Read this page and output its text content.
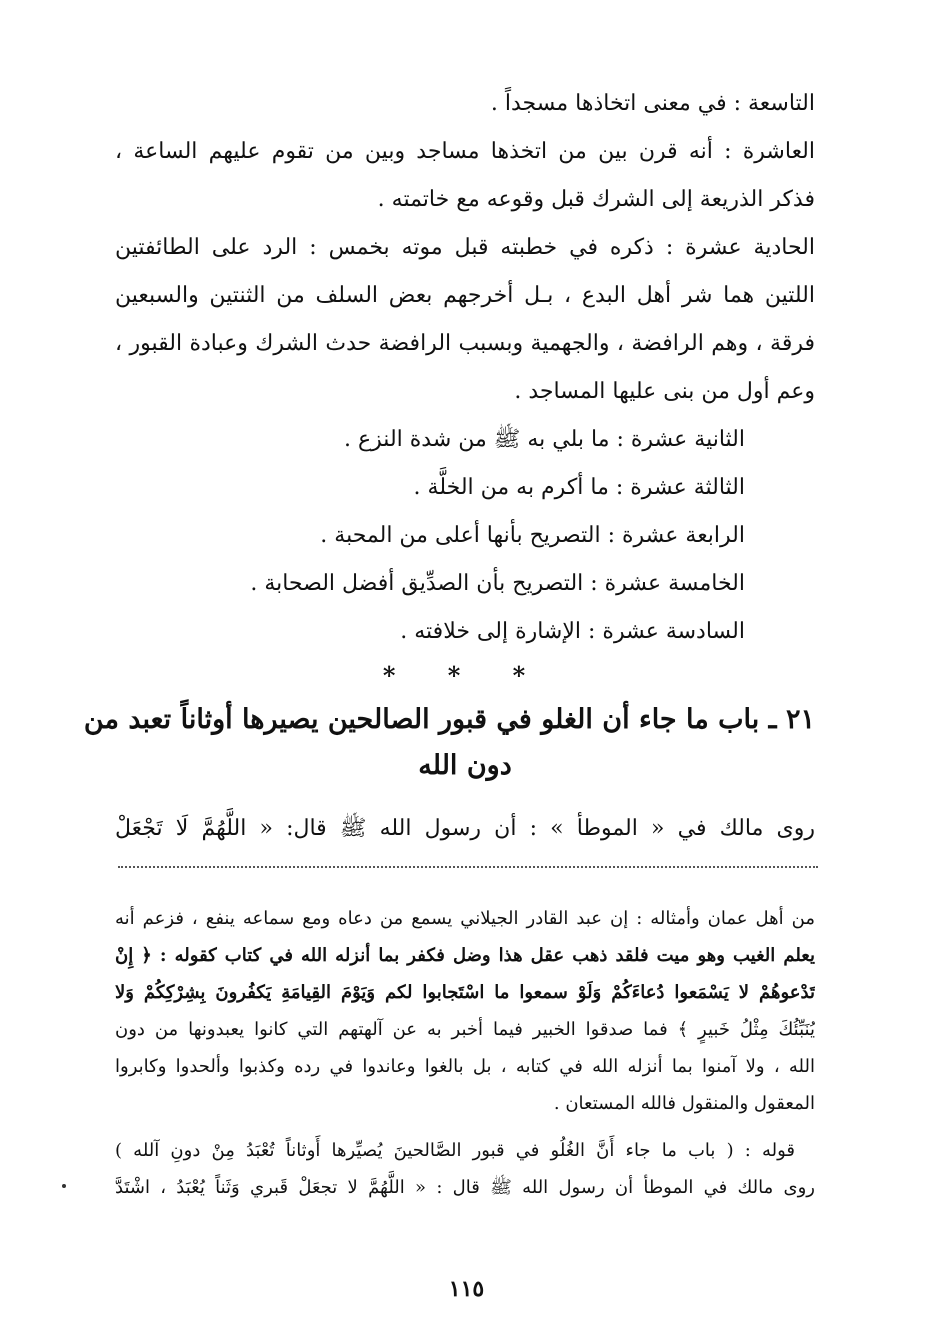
التاسعة : في معنى اتخاذها مسجداً .
العاشرة : أنه قرن بين من اتخذها مساجد وبين من تقوم عليهم الساعة ،
فذكر الذريعة إلى الشرك قبل وقوعه مع خاتمته .
الحادية عشرة : ذكره في خطبته قبل موته بخمس : الرد على الطائفتين
اللتين هما شر أهل البدع ، بـل أخرجهم بعض السلف من الثنتين والسبعين
فرقة ، وهم الرافضة ، والجهمية وبسبب الرافضة حدث الشرك وعبادة القبور ،
وعم أول من بنى عليها المساجد .
الثانية عشرة : ما بلي به ﷺ من شدة النزع .
الثالثة عشرة : ما أكرم به من الخلَّة .
الرابعة عشرة : التصريح بأنها أعلى من المحبة .
الخامسة عشرة : التصريح بأن الصدِّيق أفضل الصحابة .
السادسة عشرة : الإشارة إلى خلافته .
* * *
٢١ ـ باب ما جاء أن الغلو في قبور الصالحين يصيرها أوثاناً تعبد من
دون الله
روى مالك في « الموطأ » : أن رسول الله ﷺ قال: « اللَّهُمَّ لَا تَجْعَلْ
من أهل عمان وأمثاله : إن عبد القادر الجيلاني يسمع من دعاه ومع سماعه ينفع ، فزعم أنه
يعلم الغيب وهو ميت فلقد ذهب عقل هذا وضل فكفر بما أنزله الله في كتاب كقوله : ﴿ إِنْ
تَدْعوهُمْ لا يَسْمَعوا دُعاءَكُمْ وَلَوْ سمعوا ما اسْتَجابوا لكم وَيَوْمَ القِيامَةِ يَكفُرونَ بِشِرْكِكُمْ وَلا
يُنَبِّئُكَ مِثْلُ خَبيرٍ ﴾ فما صدقوا الخبير فيما أخبر به عن آلهتهم التي كانوا يعبدونها من دون
الله ، ولا آمنوا بما أنزله الله في كتابه ، بل بالغوا وعاندوا في رده وكذبوا وألحدوا وكابروا
المعقول والمنقول فالله المستعان .
قوله : ( باب ما جاء أَنَّ الغُلُو في قبور الصَّالحينَ يُصيِّرها أَوثاناً تُعْبَدُ مِنْ دونِ آلله )
روى مالك في الموطأ أن رسول الله ﷺ قال : « اللَّهُمَّ لا تجعَلْ قَبري وَثَناً يُعْبَدُ ، اشْتَدَّ
١١٥
